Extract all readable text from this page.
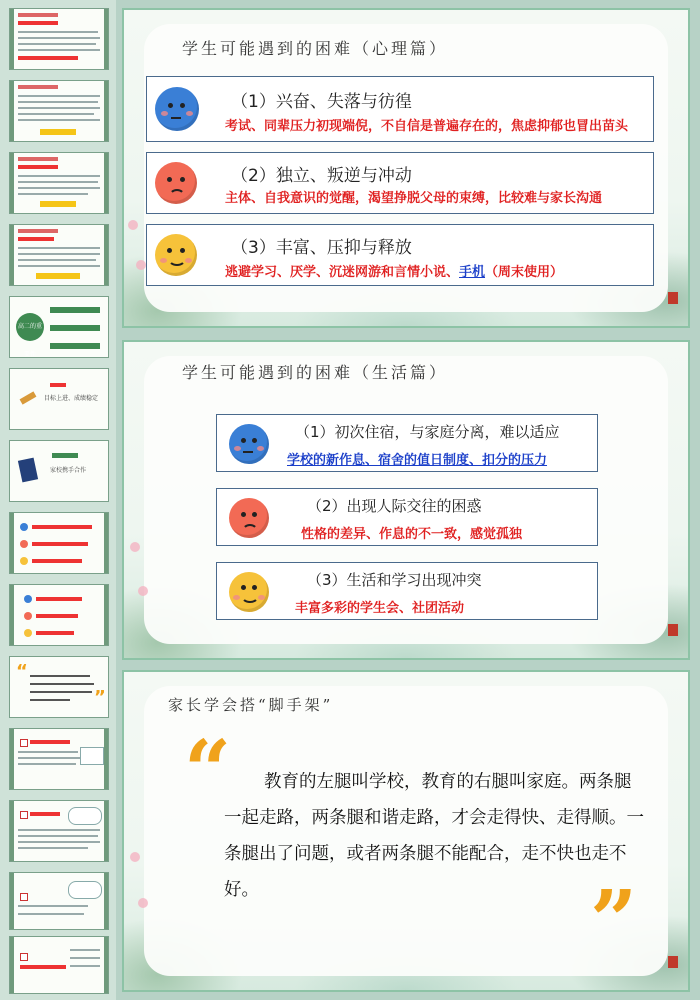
高二的重要性
目标上进、成绩稳定
家校携手合作
“
”
学生可能遇到的困难（心理篇）
（1）兴奋、失落与彷徨
考试、同辈压力初现端倪，不自信是普遍存在的，焦虑抑郁也冒出苗头
（2）独立、叛逆与冲动
主体、自我意识的觉醒，渴望挣脱父母的束缚，比较难与家长沟通
（3）丰富、压抑与释放
逃避学习、厌学、沉迷网游和言情小说、手机（周末使用）
学生可能遇到的困难（生活篇）
（1）初次住宿，与家庭分离，难以适应
学校的新作息、宿舍的值日制度、扣分的压力
（2）出现人际交往的困惑
性格的差异、作息的不一致，感觉孤独
（3）生活和学习出现冲突
丰富多彩的学生会、社团活动
家长学会搭“脚手架”
“	教育的左腿叫学校，教育的右腿叫家庭。两条腿一起走路，两条腿和谐走路，才会走得快、走得顺。一条腿出了问题，或者两条腿不能配合，走不快也走不好。	”
